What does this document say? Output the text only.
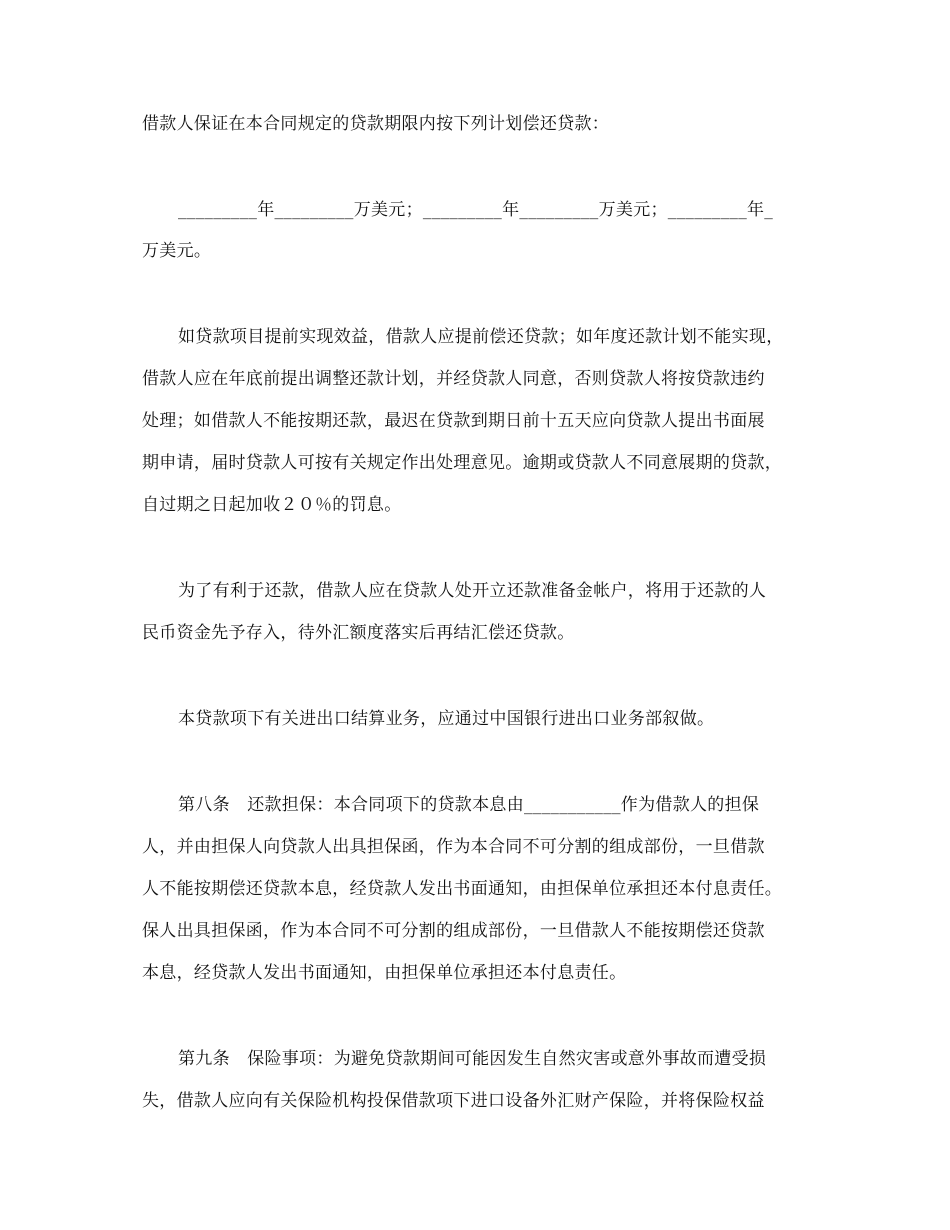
借款人保证在本合同规定的贷款期限内按下列计划偿还贷款：
_________年_________万美元；_________年_________万美元；_________年_
万美元。
如贷款项目提前实现效益，借款人应提前偿还贷款；如年度还款计划不能实现，
借款人应在年底前提出调整还款计划，并经贷款人同意，否则贷款人将按贷款违约
处理；如借款人不能按期还款，最迟在贷款到期日前十五天应向贷款人提出书面展
期申请，届时贷款人可按有关规定作出处理意见。逾期或贷款人不同意展期的贷款，
自过期之日起加收２０％的罚息。
为了有利于还款，借款人应在贷款人处开立还款准备金帐户，将用于还款的人
民币资金先予存入，待外汇额度落实后再结汇偿还贷款。
本贷款项下有关进出口结算业务，应通过中国银行进出口业务部叙做。
第八条　还款担保：本合同项下的贷款本息由___________作为借款人的担保
人，并由担保人向贷款人出具担保函，作为本合同不可分割的组成部份，一旦借款
人不能按期偿还贷款本息，经贷款人发出书面通知，由担保单位承担还本付息责任。
保人出具担保函，作为本合同不可分割的组成部份，一旦借款人不能按期偿还贷款
本息，经贷款人发出书面通知，由担保单位承担还本付息责任。
第九条　保险事项：为避免贷款期间可能因发生自然灾害或意外事故而遭受损
失，借款人应向有关保险机构投保借款项下进口设备外汇财产保险，并将保险权益
